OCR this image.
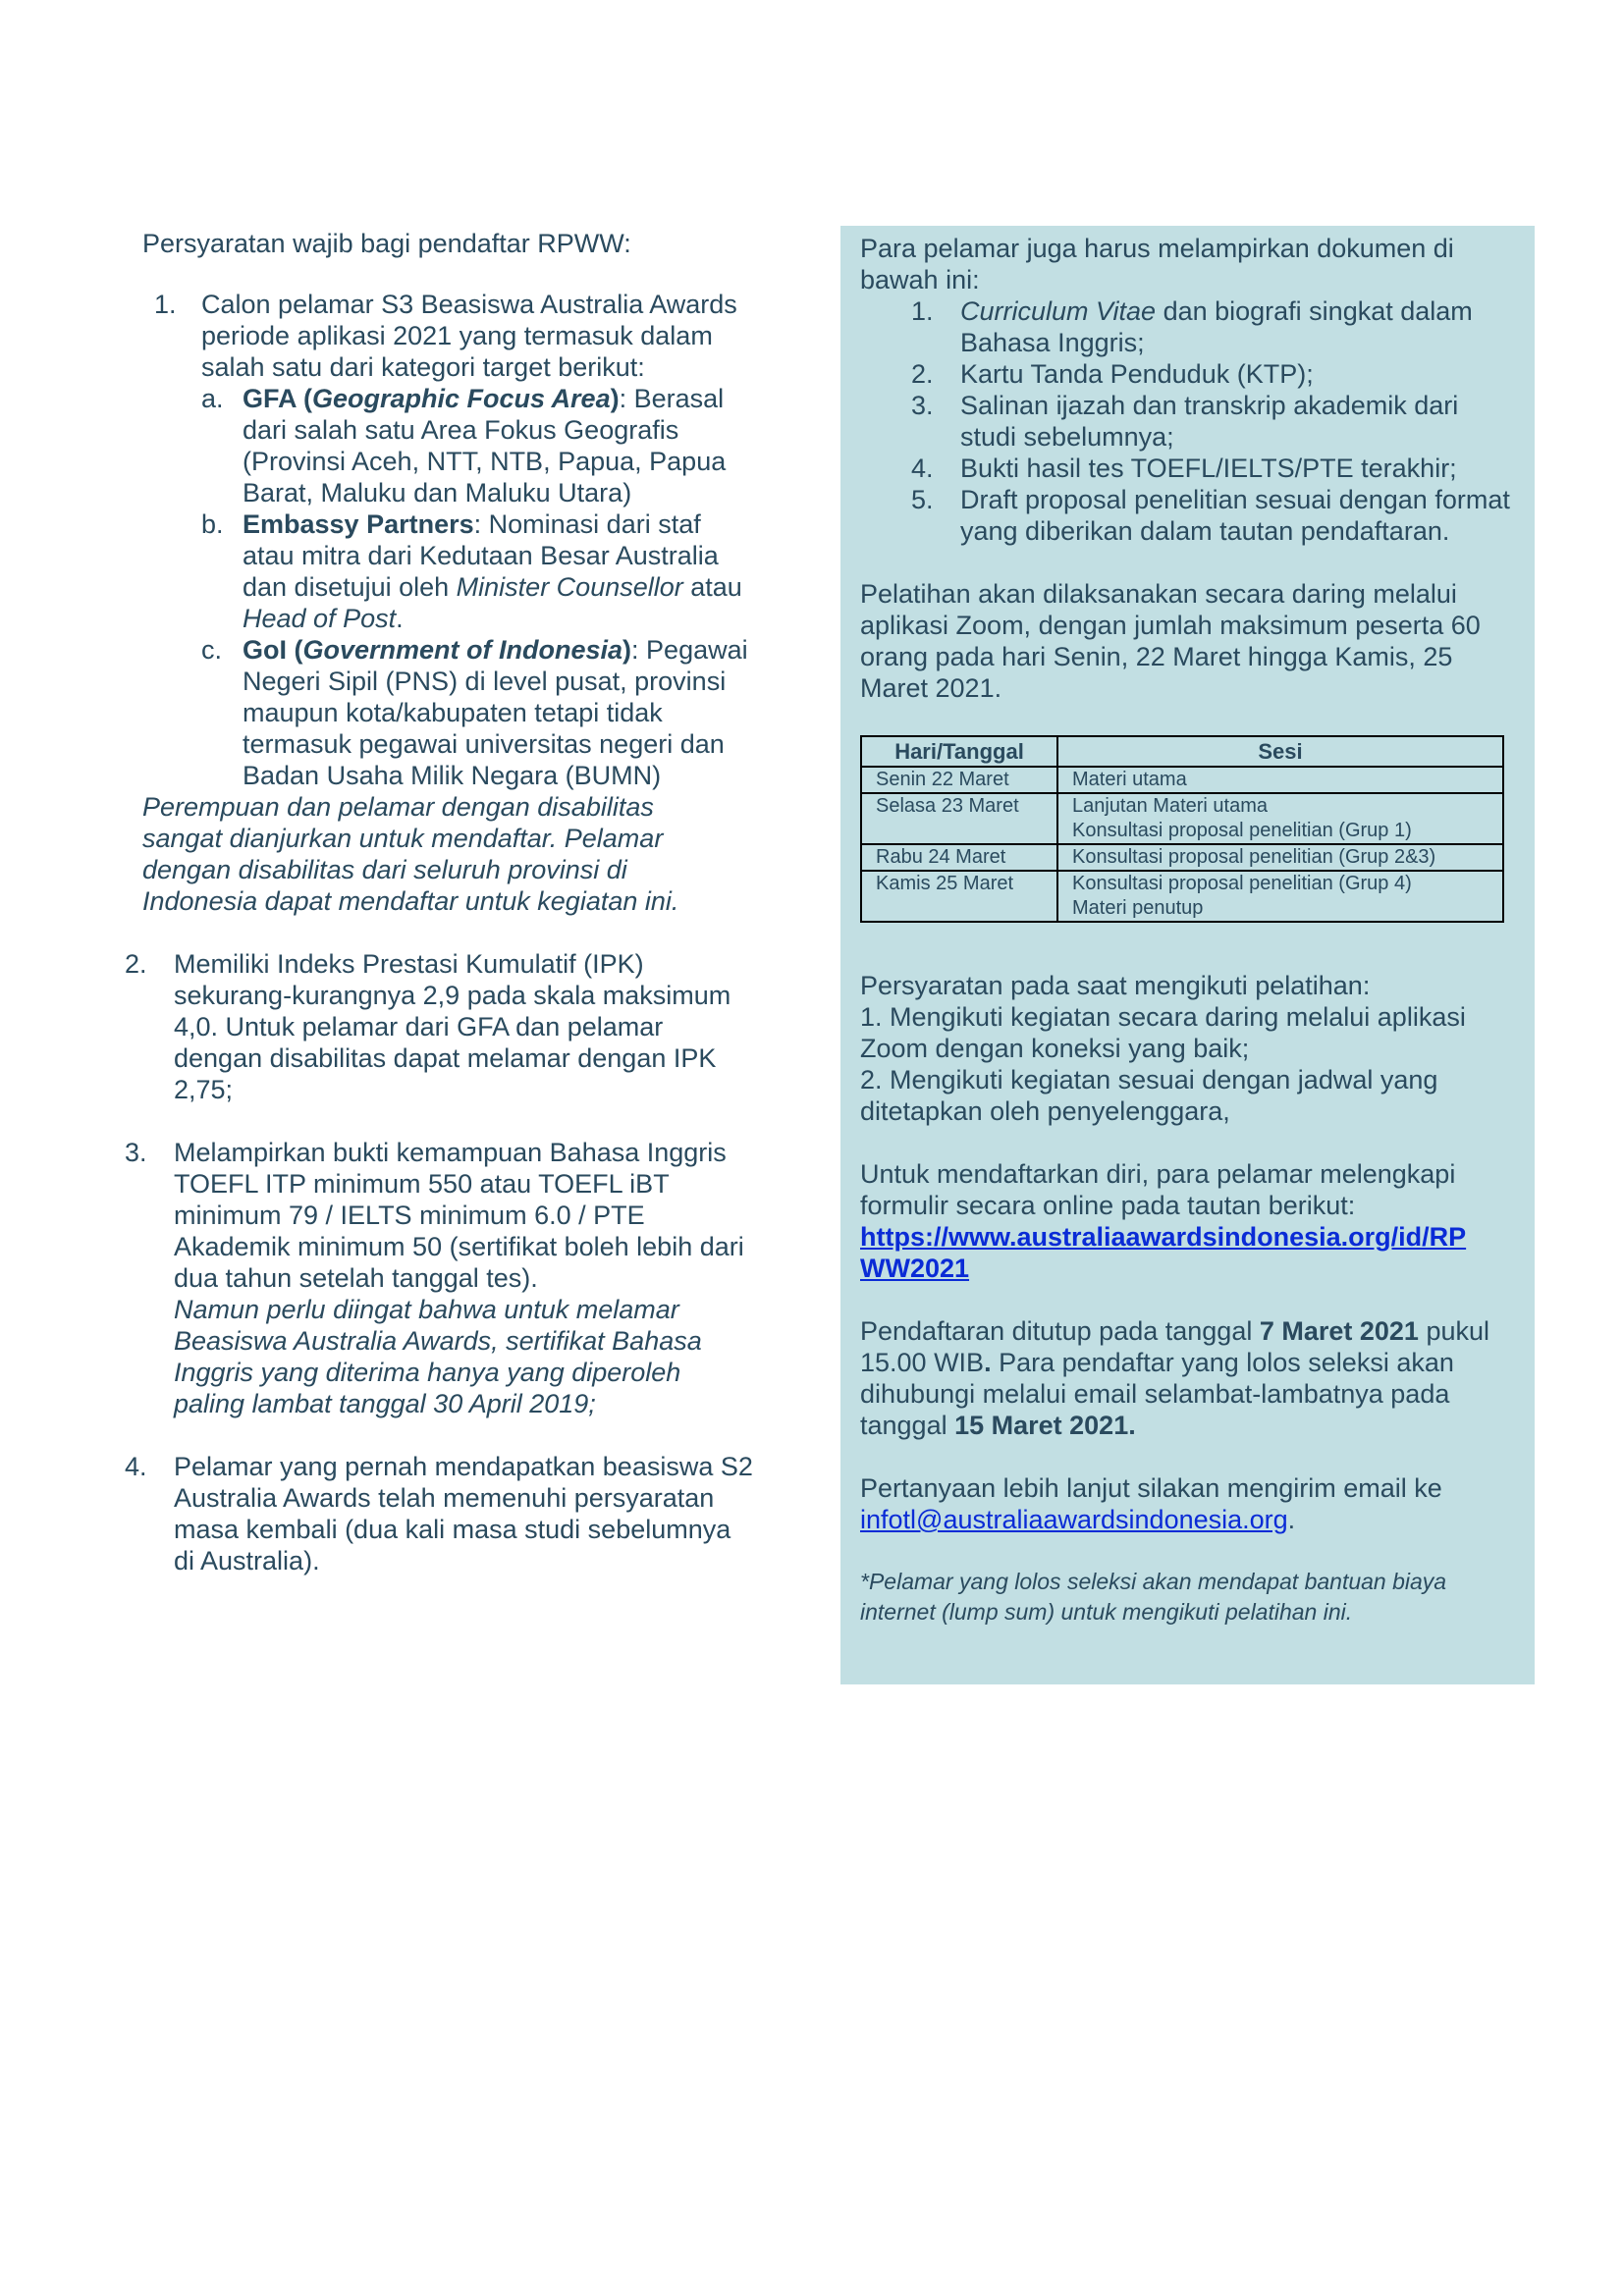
Persyaratan wajib bagi pendaftar RPWW:

1. Calon pelamar S3 Beasiswa Australia Awards periode aplikasi 2021 yang termasuk dalam salah satu dari kategori target berikut:

a. GFA (Geographic Focus Area): Berasal dari salah satu Area Fokus Geografis (Provinsi Aceh, NTT, NTB, Papua, Papua Barat, Maluku dan Maluku Utara)

b. Embassy Partners: Nominasi dari staf atau mitra dari Kedutaan Besar Australia dan disetujui oleh Minister Counsellor atau Head of Post.

c. GoI (Government of Indonesia): Pegawai Negeri Sipil (PNS) di level pusat, provinsi maupun kota/kabupaten tetapi tidak termasuk pegawai universitas negeri dan Badan Usaha Milik Negara (BUMN)

Perempuan dan pelamar dengan disabilitas sangat dianjurkan untuk mendaftar. Pelamar dengan disabilitas dari seluruh provinsi di Indonesia dapat mendaftar untuk kegiatan ini.

2. Memiliki Indeks Prestasi Kumulatif (IPK) sekurang-kurangnya 2,9 pada skala maksimum 4,0. Untuk pelamar dari GFA dan pelamar dengan disabilitas dapat melamar dengan IPK 2,75;

3. Melampirkan bukti kemampuan Bahasa Inggris TOEFL ITP minimum 550 atau TOEFL iBT minimum 79 / IELTS minimum 6.0 / PTE Akademik minimum 50 (sertifikat boleh lebih dari dua tahun setelah tanggal tes).

Namun perlu diingat bahwa untuk melamar Beasiswa Australia Awards, sertifikat Bahasa Inggris yang diterima hanya yang diperoleh paling lambat tanggal 30 April 2019;

4. Pelamar yang pernah mendapatkan beasiswa S2 Australia Awards telah memenuhi persyaratan masa kembali (dua kali masa studi sebelumnya di Australia).

Para pelamar juga harus melampirkan dokumen di bawah ini:

1. Curriculum Vitae dan biografi singkat dalam Bahasa Inggris;
2. Kartu Tanda Penduduk (KTP);
3. Salinan ijazah dan transkrip akademik dari studi sebelumnya;
4. Bukti hasil tes TOEFL/IELTS/PTE terakhir;
5. Draft proposal penelitian sesuai dengan format yang diberikan dalam tautan pendaftaran.

Pelatihan akan dilaksanakan secara daring melalui aplikasi Zoom, dengan jumlah maksimum peserta 60 orang pada hari Senin, 22 Maret hingga Kamis, 25 Maret 2021.

Hari/Tanggal	Sesi
Senin 22 Maret	Materi utama
Selasa 23 Maret	Lanjutan Materi utama
Konsultasi proposal penelitian (Grup 1)

Rabu 24 Maret	Konsultasi proposal penelitian (Grup 2&3)
Kamis 25 Maret	Konsultasi proposal penelitian (Grup 4)
Materi penutup

Persyaratan pada saat mengikuti pelatihan:

1. Mengikuti kegiatan secara daring melalui aplikasi Zoom dengan koneksi yang baik;

2. Mengikuti kegiatan sesuai dengan jadwal yang ditetapkan oleh penyelenggara,

Untuk mendaftarkan diri, para pelamar melengkapi formulir secara online pada tautan berikut:

https://www.australiaawardsindonesia.org/id/RP
WW2021

Pendaftaran ditutup pada tanggal 7 Maret 2021 pukul 15.00 WIB. Para pendaftar yang lolos seleksi akan dihubungi melalui email selambat-lambatnya pada tanggal 15 Maret 2021.

Pertanyaan lebih lanjut silakan mengirim email ke infotl@australiaawardsindonesia.org.

*Pelamar yang lolos seleksi akan mendapat bantuan biaya internet (lump sum) untuk mengikuti pelatihan ini.
